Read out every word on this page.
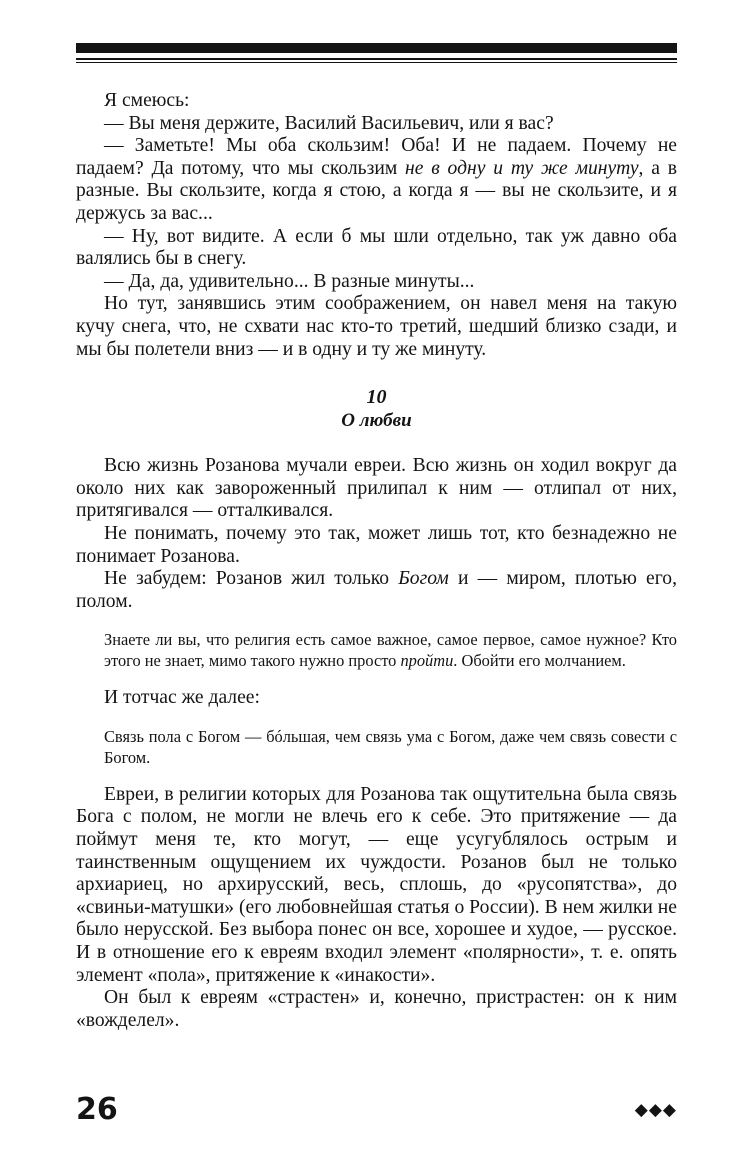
Я смеюсь:

— Вы меня держите, Василий Васильевич, или я вас?

— Заметьте! Мы оба скользим! Оба! И не падаем. Почему не падаем? Да потому, что мы скользим не в одну и ту же минуту, а в разные. Вы скользите, когда я стою, а когда я — вы не скользите, и я держусь за вас...

— Ну, вот видите. А если б мы шли отдельно, так уж давно оба валялись бы в снегу.

— Да, да, удивительно... В разные минуты...

Но тут, занявшись этим соображением, он навел меня на такую кучу снега, что, не схвати нас кто-то третий, шедший близко сзади, и мы бы полетели вниз — и в одну и ту же минуту.

10
О любви

Всю жизнь Розанова мучали евреи. Всю жизнь он ходил вокруг да около них как завороженный прилипал к ним — отлипал от них, притягивался — отталкивался.

Не понимать, почему это так, может лишь тот, кто безнадежно не понимает Розанова.

Не забудем: Розанов жил только Богом и — миром, плотью его, полом.

Знаете ли вы, что религия есть самое важное, самое первое, самое нужное? Кто этого не знает, мимо такого нужно просто пройти. Обойти его молчанием.

И тотчас же далее:

Связь пола с Богом — бóльшая, чем связь ума с Богом, даже чем связь совести с Богом.

Евреи, в религии которых для Розанова так ощутительна была связь Бога с полом, не могли не влечь его к себе. Это притяжение — да поймут меня те, кто могут, — еще усугублялось острым и таинственным ощущением их чуждости. Розанов был не только архиариец, но архирусский, весь, сплошь, до «русопятства», до «свиньи-матушки» (его любовнейшая статья о России). В нем жилки не было нерусской. Без выбора понес он все, хорошее и худое, — русское. И в отношение его к евреям входил элемент «полярности», т. е. опять элемент «пола», притяжение к «инакости».

Он был к евреям «страстен» и, конечно, пристрастен: он к ним «вожделел».

26	◆◆◆
